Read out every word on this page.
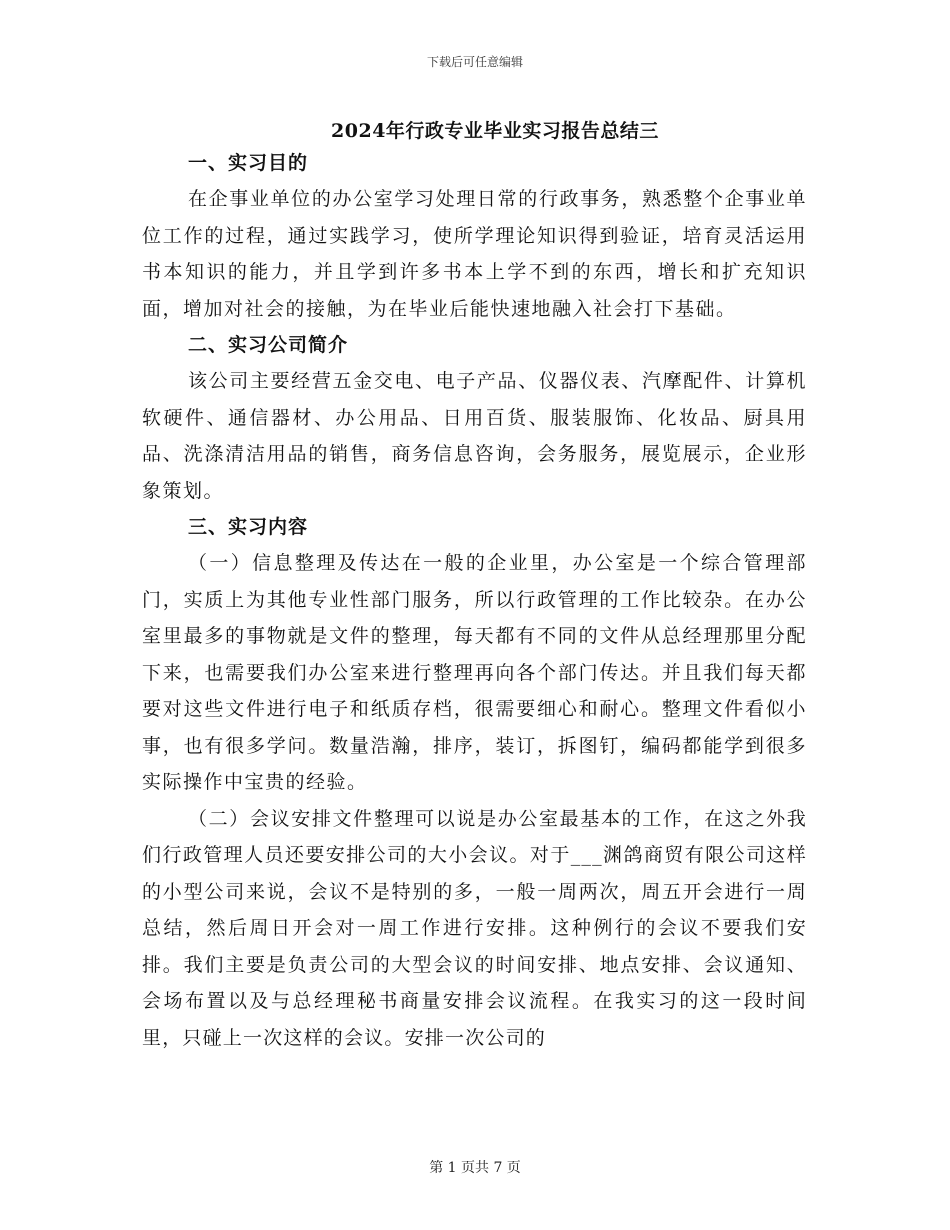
下载后可任意编辑
2024年行政专业毕业实习报告总结三
一、实习目的

在企事业单位的办公室学习处理日常的行政事务，熟悉整个企事业单位工作的过程，通过实践学习，使所学理论知识得到验证，培育灵活运用书本知识的能力，并且学到许多书本上学不到的东西，增长和扩充知识面，增加对社会的接触，为在毕业后能快速地融入社会打下基础。

二、实习公司简介

该公司主要经营五金交电、电子产品、仪器仪表、汽摩配件、计算机软硬件、通信器材、办公用品、日用百货、服装服饰、化妆品、厨具用品、洗涤清洁用品的销售，商务信息咨询，会务服务，展览展示，企业形象策划。

三、实习内容

（一）信息整理及传达在一般的企业里，办公室是一个综合管理部门，实质上为其他专业性部门服务，所以行政管理的工作比较杂。在办公室里最多的事物就是文件的整理，每天都有不同的文件从总经理那里分配下来，也需要我们办公室来进行整理再向各个部门传达。并且我们每天都要对这些文件进行电子和纸质存档，很需要细心和耐心。整理文件看似小事，也有很多学问。数量浩瀚，排序，装订，拆图钉，编码都能学到很多实际操作中宝贵的经验。

（二）会议安排文件整理可以说是办公室最基本的工作，在这之外我们行政管理人员还要安排公司的大小会议。对于___渊鸽商贸有限公司这样的小型公司来说，会议不是特别的多，一般一周两次，周五开会进行一周总结，然后周日开会对一周工作进行安排。这种例行的会议不要我们安排。我们主要是负责公司的大型会议的时间安排、地点安排、会议通知、会场布置以及与总经理秘书商量安排会议流程。在我实习的这一段时间里，只碰上一次这样的会议。安排一次公司的

第 1 页共 7 页
